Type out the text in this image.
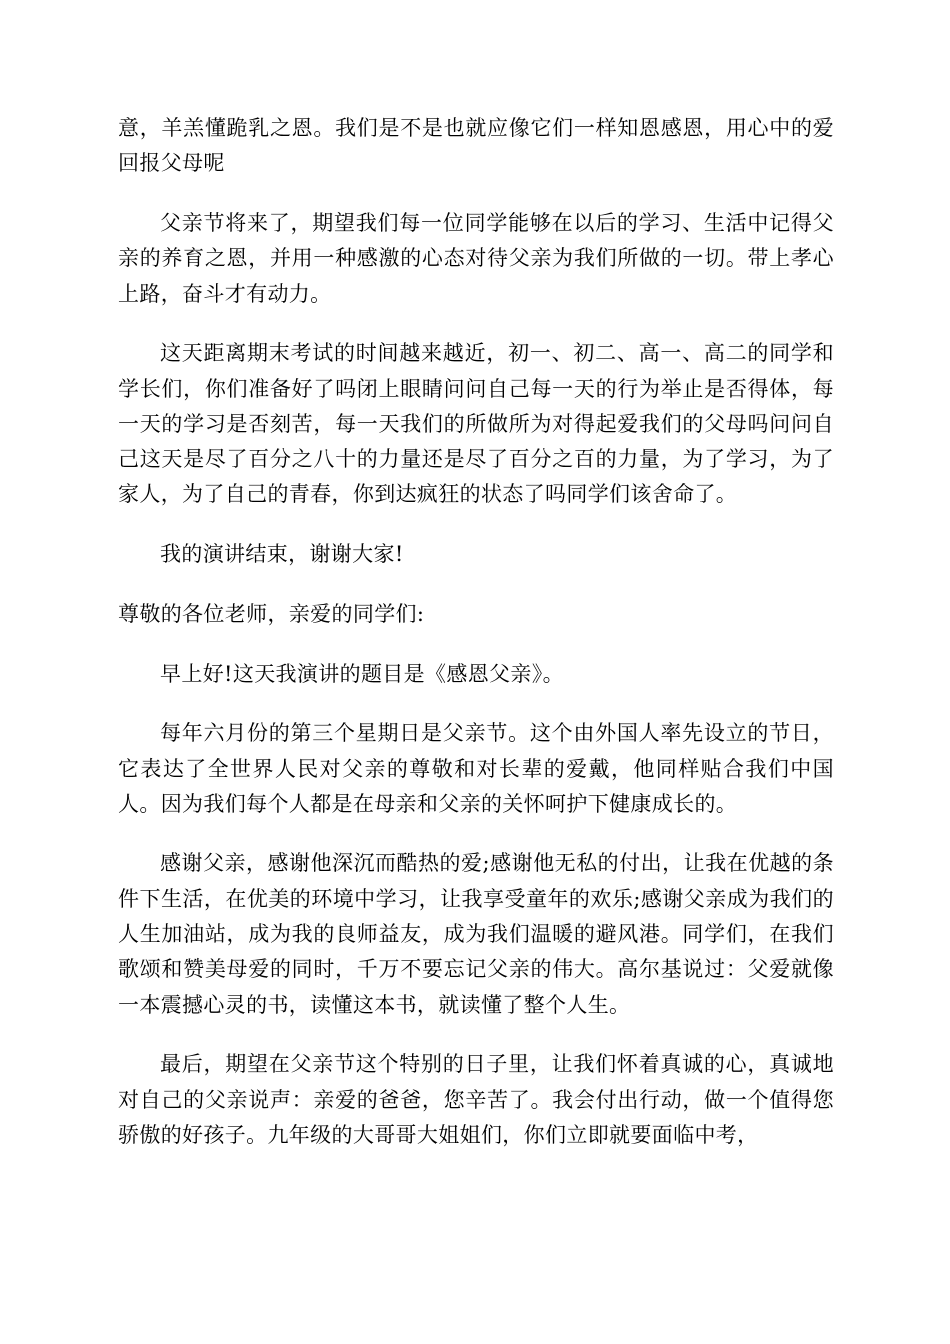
意，羊羔懂跪乳之恩。我们是不是也就应像它们一样知恩感恩，用心中的爱回报父母呢

父亲节将来了，期望我们每一位同学能够在以后的学习、生活中记得父亲的养育之恩，并用一种感激的心态对待父亲为我们所做的一切。带上孝心上路，奋斗才有动力。

这天距离期末考试的时间越来越近，初一、初二、高一、高二的同学和学长们，你们准备好了吗闭上眼睛问问自己每一天的行为举止是否得体，每一天的学习是否刻苦，每一天我们的所做所为对得起爱我们的父母吗问问自己这天是尽了百分之八十的力量还是尽了百分之百的力量，为了学习，为了家人，为了自己的青春，你到达疯狂的状态了吗同学们该舍命了。

我的演讲结束，谢谢大家!

尊敬的各位老师，亲爱的同学们:

早上好!这天我演讲的题目是《感恩父亲》。

每年六月份的第三个星期日是父亲节。这个由外国人率先设立的节日，它表达了全世界人民对父亲的尊敬和对长辈的爱戴，他同样贴合我们中国人。因为我们每个人都是在母亲和父亲的关怀呵护下健康成长的。

感谢父亲，感谢他深沉而酷热的爱;感谢他无私的付出，让我在优越的条件下生活，在优美的环境中学习，让我享受童年的欢乐;感谢父亲成为我们的人生加油站，成为我的良师益友，成为我们温暖的避风港。同学们，在我们歌颂和赞美母爱的同时，千万不要忘记父亲的伟大。高尔基说过：父爱就像一本震撼心灵的书，读懂这本书，就读懂了整个人生。

最后，期望在父亲节这个特别的日子里，让我们怀着真诚的心，真诚地对自己的父亲说声：亲爱的爸爸，您辛苦了。我会付出行动，做一个值得您骄傲的好孩子。九年级的大哥哥大姐姐们，你们立即就要面临中考，
